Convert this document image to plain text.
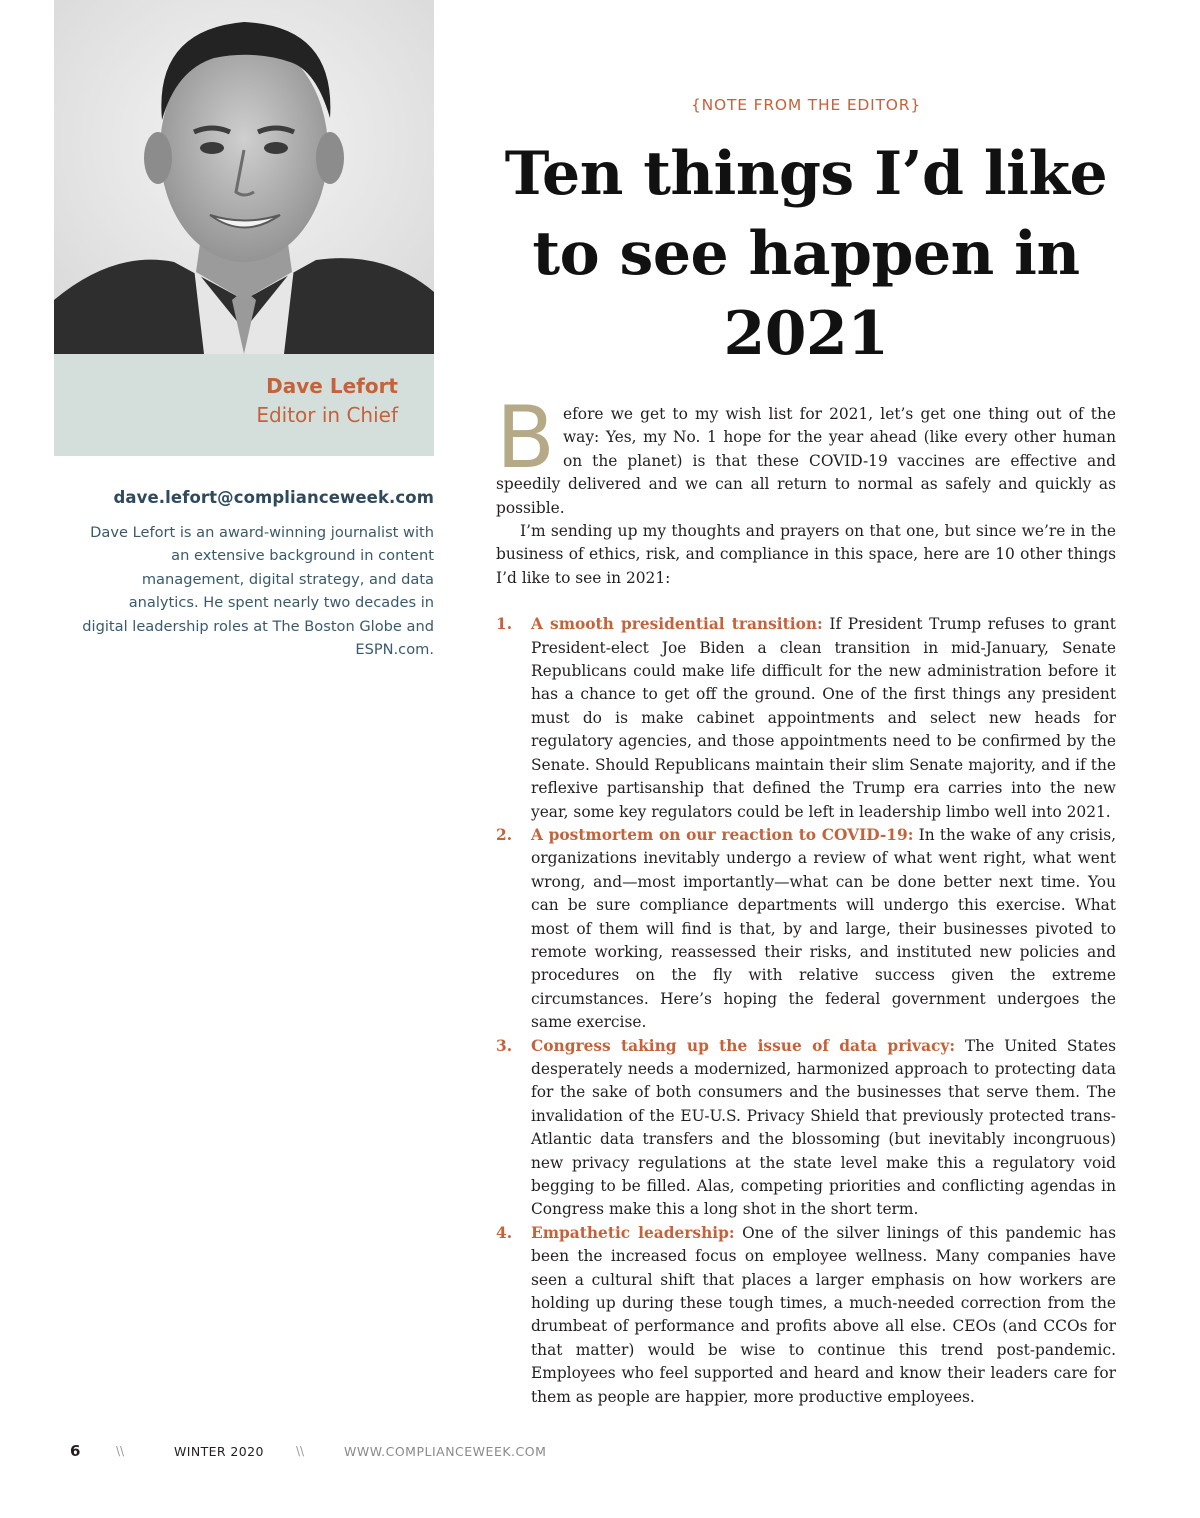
Dave Lefort
Editor in Chief
dave.lefort@complianceweek.com

Dave Lefort is an award-winning journalist with an extensive background in content management, digital strategy, and data analytics. He spent nearly two decades in digital leadership roles at The Boston Globe and ESPN.com.

{NOTE FROM THE EDITOR}
Ten things I’d like to see happen in 2021

Before we get to my wish list for 2021, let’s get one thing out of the way: Yes, my No. 1 hope for the year ahead (like every other human on the planet) is that these COVID-19 vaccines are effective and speedily delivered and we can all return to normal as safely and quickly as possible.

I’m sending up my thoughts and prayers on that one, but since we’re in the business of ethics, risk, and compliance in this space, here are 10 other things I’d like to see in 2021:

1. A smooth presidential transition: If President Trump refuses to grant President-elect Joe Biden a clean transition in mid-January, Senate Republicans could make life difficult for the new administration before it has a chance to get off the ground. One of the first things any president must do is make cabinet appointments and select new heads for regulatory agencies, and those appointments need to be confirmed by the Senate. Should Republicans maintain their slim Senate majority, and if the reflexive partisanship that defined the Trump era carries into the new year, some key regulators could be left in leadership limbo well into 2021.
2. A postmortem on our reaction to COVID-19: In the wake of any crisis, organizations inevitably undergo a review of what went right, what went wrong, and—most importantly—what can be done better next time. You can be sure compliance departments will undergo this exercise. What most of them will find is that, by and large, their businesses pivoted to remote working, reassessed their risks, and instituted new policies and procedures on the fly with relative success given the extreme circumstances. Here’s hoping the federal government undergoes the same exercise.
3. Congress taking up the issue of data privacy: The United States desperately needs a modernized, harmonized approach to protecting data for the sake of both consumers and the businesses that serve them. The invalidation of the EU-U.S. Privacy Shield that previously protected trans-Atlantic data transfers and the blossoming (but inevitably incongruous) new privacy regulations at the state level make this a regulatory void begging to be filled. Alas, competing priorities and conflicting agendas in Congress make this a long shot in the short term.
4. Empathetic leadership: One of the silver linings of this pandemic has been the increased focus on employee wellness. Many companies have seen a cultural shift that places a larger emphasis on how workers are holding up during these tough times, a much-needed correction from the drumbeat of performance and profits above all else. CEOs (and CCOs for that matter) would be wise to continue this trend post-pandemic. Employees who feel supported and heard and know their leaders care for them as people are happier, more productive employees.
6	\\	WINTER 2020	\\	WWW.COMPLIANCEWEEK.COM
